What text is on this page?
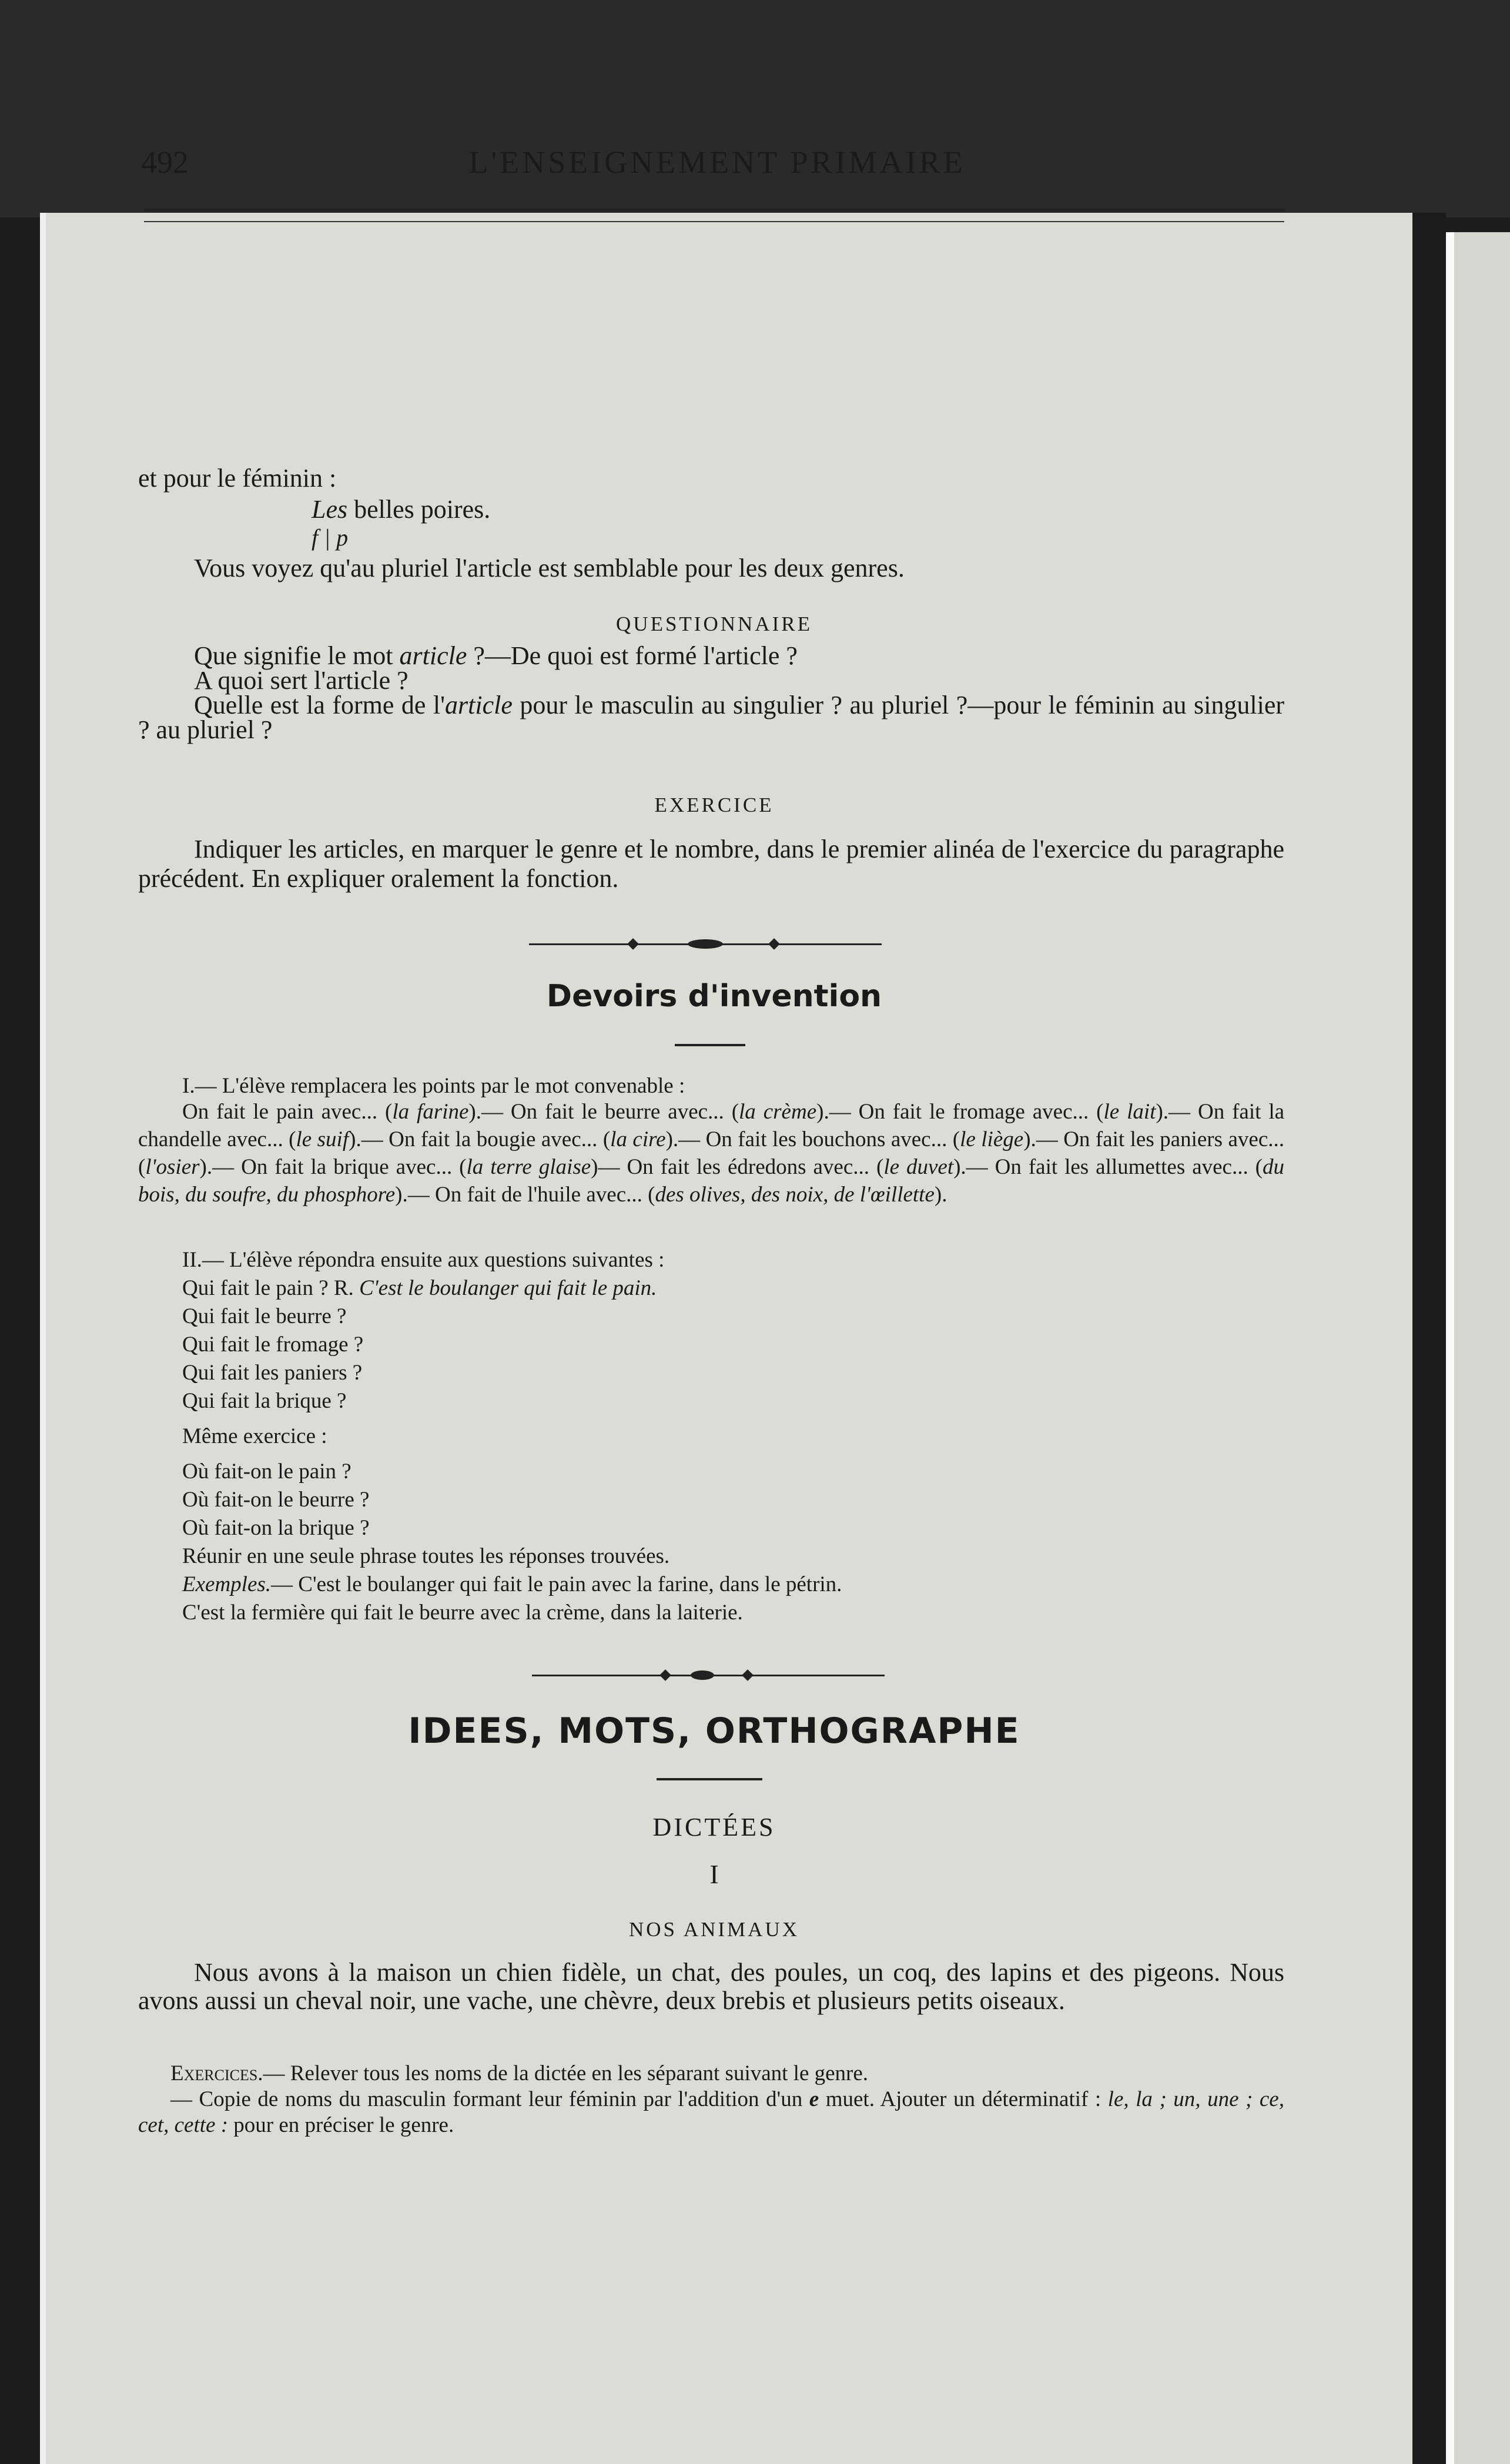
492	L'ENSEIGNEMENT PRIMAIRE
et pour le féminin :
Les belles poires.
f | p
Vous voyez qu'au pluriel l'article est semblable pour les deux genres.
QUESTIONNAIRE
Que signifie le mot article ?—De quoi est formé l'article ?
A quoi sert l'article ?
Quelle est la forme de l'article pour le masculin au singulier ? au pluriel ?—pour le féminin au singulier ? au pluriel ?
EXERCICE
Indiquer les articles, en marquer le genre et le nombre, dans le premier alinéa de l'exercice du paragraphe précédent. En expliquer oralement la fonction.
Devoirs d'invention
I.— L'élève remplacera les points par le mot convenable :
On fait le pain avec... (la farine).— On fait le beurre avec... (la crème).— On fait le fromage avec... (le lait).— On fait la chandelle avec... (le suif).— On fait la bougie avec... (la cire).— On fait les bouchons avec... (le liège).— On fait les paniers avec... (l'osier).— On fait la brique avec... (la terre glaise)— On fait les édredons avec... (le duvet).— On fait les allumettes avec... (du bois, du soufre, du phosphore).— On fait de l'huile avec... (des olives, des noix, de l'œillette).
II.— L'élève répondra ensuite aux questions suivantes :
Qui fait le pain ? R. C'est le boulanger qui fait le pain.
Qui fait le beurre ?
Qui fait le fromage ?
Qui fait les paniers ?
Qui fait la brique ?
Même exercice :
Où fait-on le pain ?
Où fait-on le beurre ?
Où fait-on la brique ?
Réunir en une seule phrase toutes les réponses trouvées.
Exemples.— C'est le boulanger qui fait le pain avec la farine, dans le pétrin.
C'est la fermière qui fait le beurre avec la crème, dans la laiterie.
IDEES, MOTS, ORTHOGRAPHE
DICTÉES
I
NOS ANIMAUX
Nous avons à la maison un chien fidèle, un chat, des poules, un coq, des lapins et des pigeons. Nous avons aussi un cheval noir, une vache, une chèvre, deux brebis et plusieurs petits oiseaux.
Exercices.— Relever tous les noms de la dictée en les séparant suivant le genre.
— Copie de noms du masculin formant leur féminin par l'addition d'un e muet. Ajouter un déterminatif : le, la ; un, une ; ce, cet, cette : pour en préciser le genre.
